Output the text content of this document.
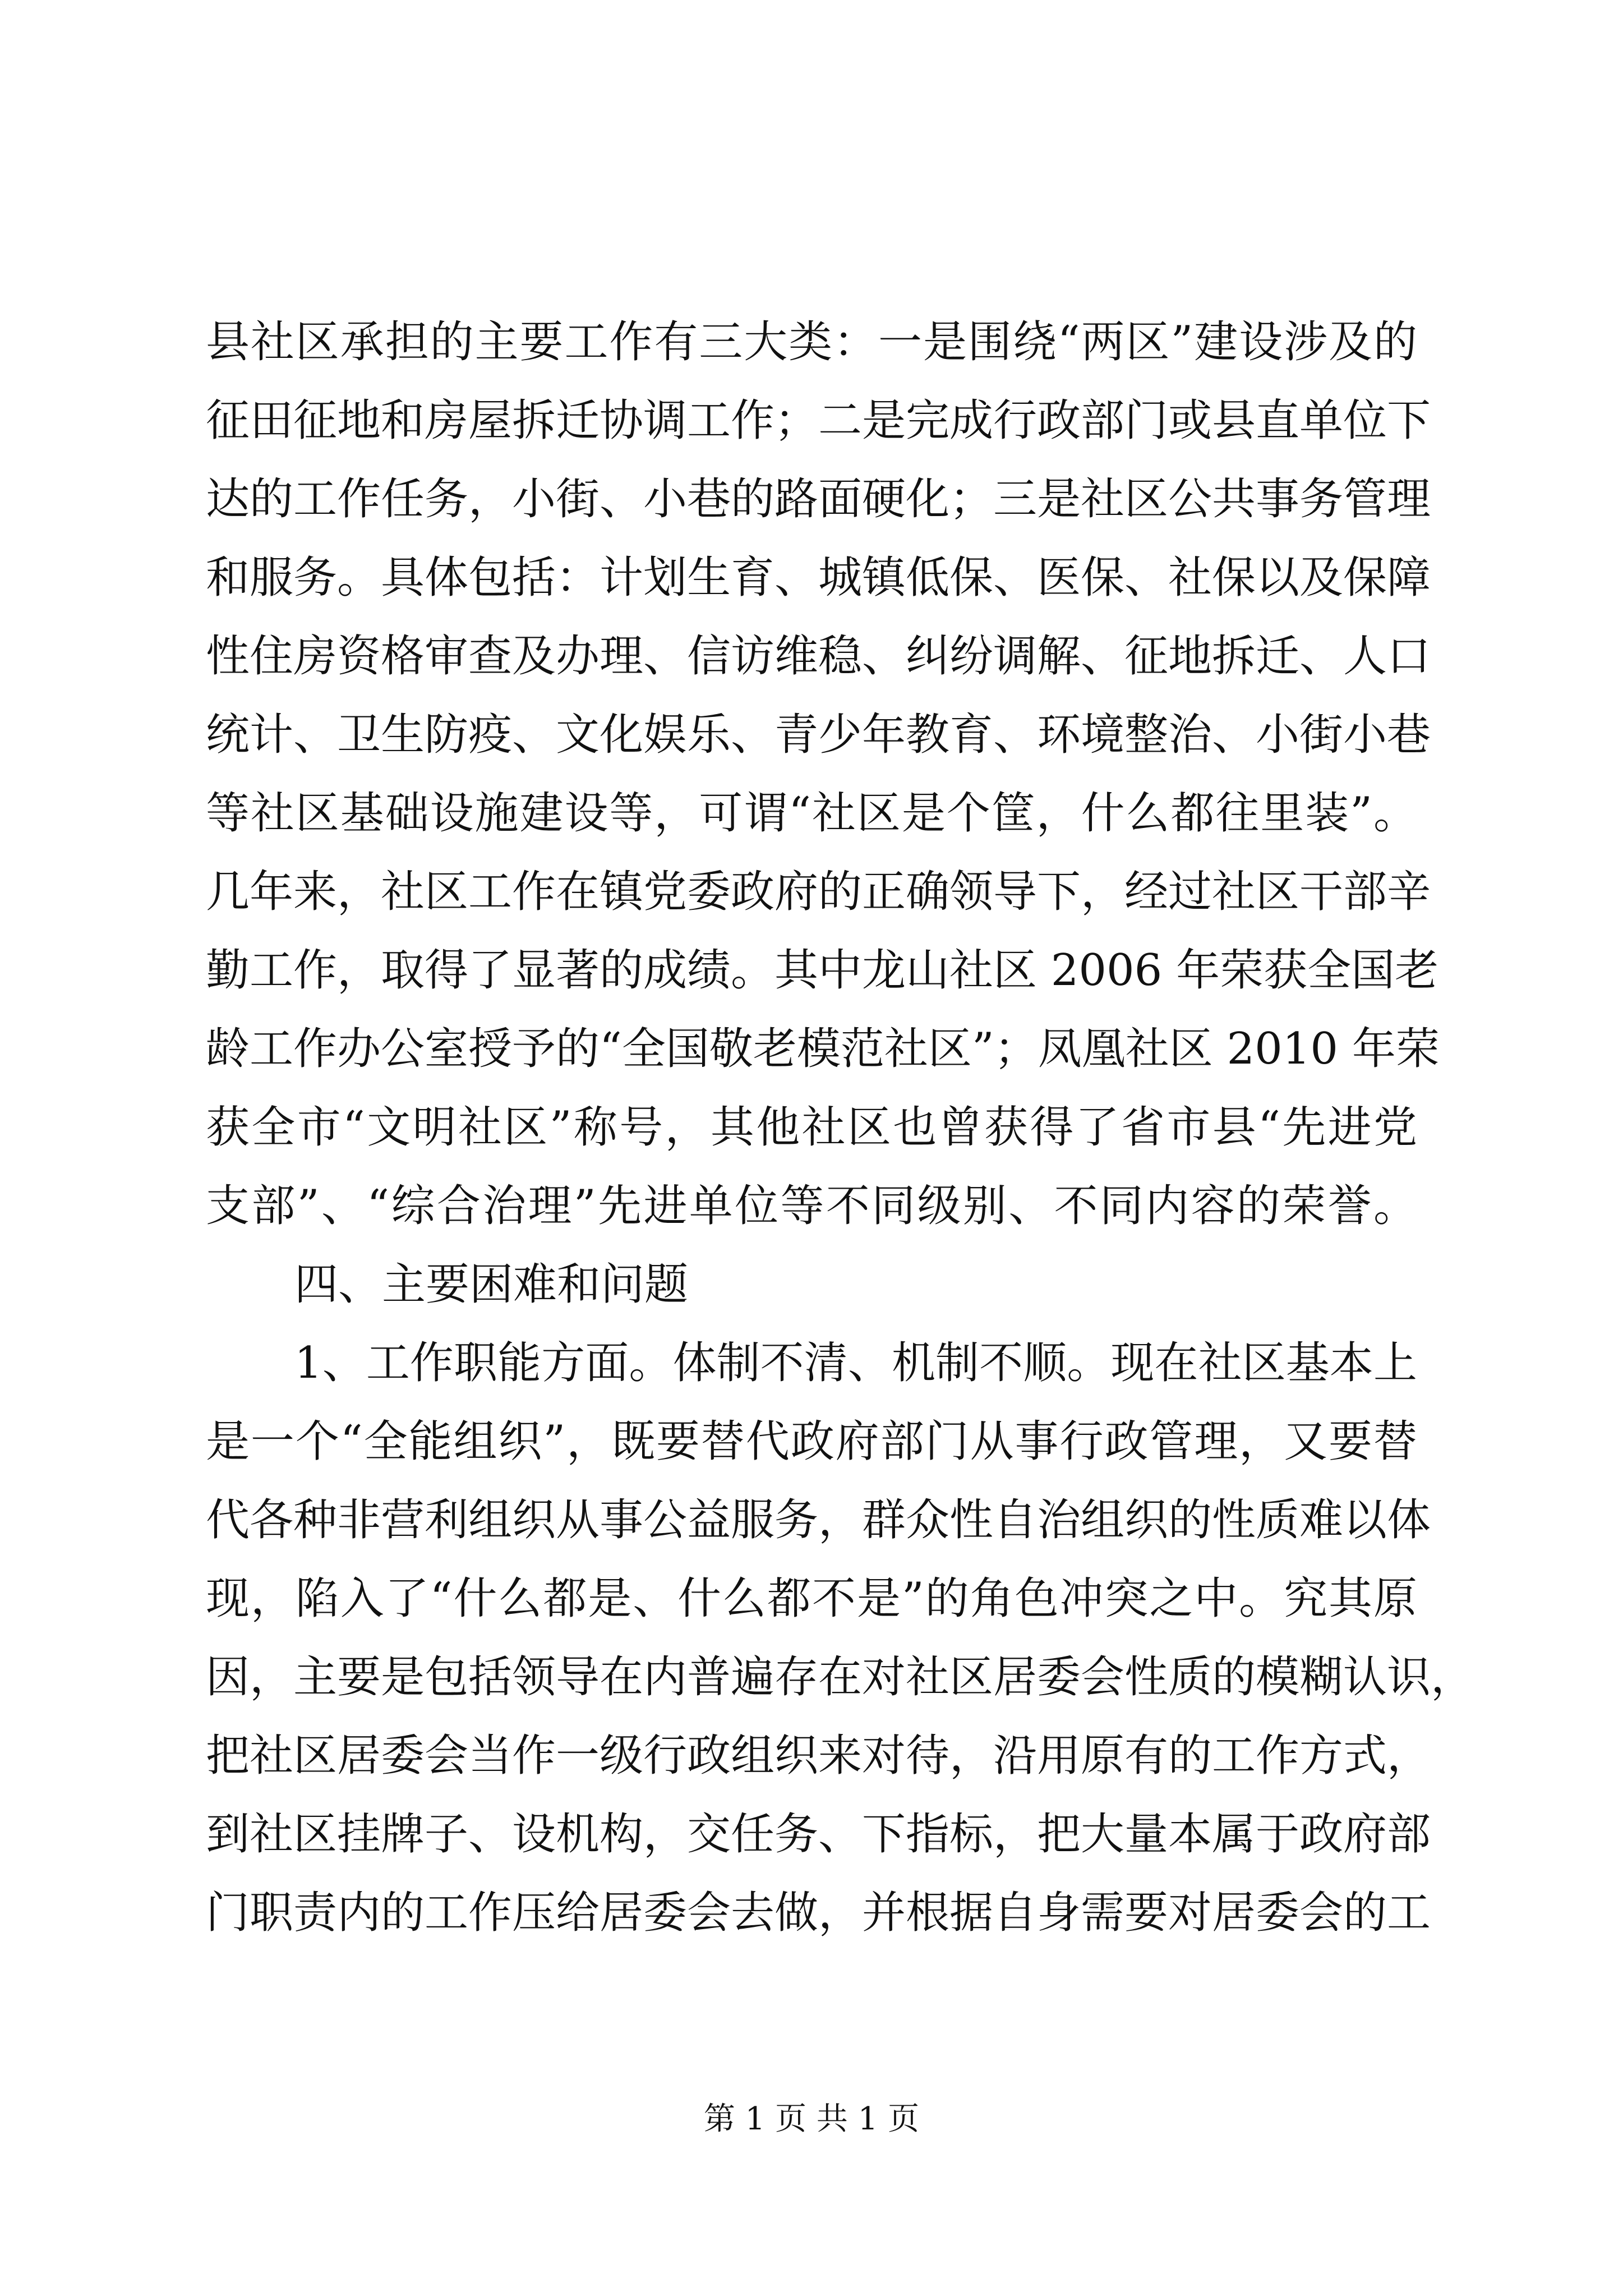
县社区承担的主要工作有三大类：一是围绕“两区”建设涉及的
征田征地和房屋拆迁协调工作；二是完成行政部门或县直单位下
达的工作任务，小街、小巷的路面硬化；三是社区公共事务管理
和服务。具体包括：计划生育、城镇低保、医保、社保以及保障
性住房资格审查及办理、信访维稳、纠纷调解、征地拆迁、人口
统计、卫生防疫、文化娱乐、青少年教育、环境整治、小街小巷
等社区基础设施建设等，可谓“社区是个筐，什么都往里装”。
几年来，社区工作在镇党委政府的正确领导下，经过社区干部辛
勤工作，取得了显著的成绩。其中龙山社区 2006 年荣获全国老
龄工作办公室授予的“全国敬老模范社区”；凤凰社区 2010 年荣
获全市“文明社区”称号，其他社区也曾获得了省市县“先进党
支部”、“综合治理”先进单位等不同级别、不同内容的荣誉。
四、主要困难和问题
1、工作职能方面。体制不清、机制不顺。现在社区基本上
是一个“全能组织”，既要替代政府部门从事行政管理，又要替
代各种非营利组织从事公益服务，群众性自治组织的性质难以体
现，陷入了“什么都是、什么都不是”的角色冲突之中。究其原
因，主要是包括领导在内普遍存在对社区居委会性质的模糊认识，
把社区居委会当作一级行政组织来对待，沿用原有的工作方式，
到社区挂牌子、设机构，交任务、下指标，把大量本属于政府部
门职责内的工作压给居委会去做，并根据自身需要对居委会的工
第 1 页 共 1 页
